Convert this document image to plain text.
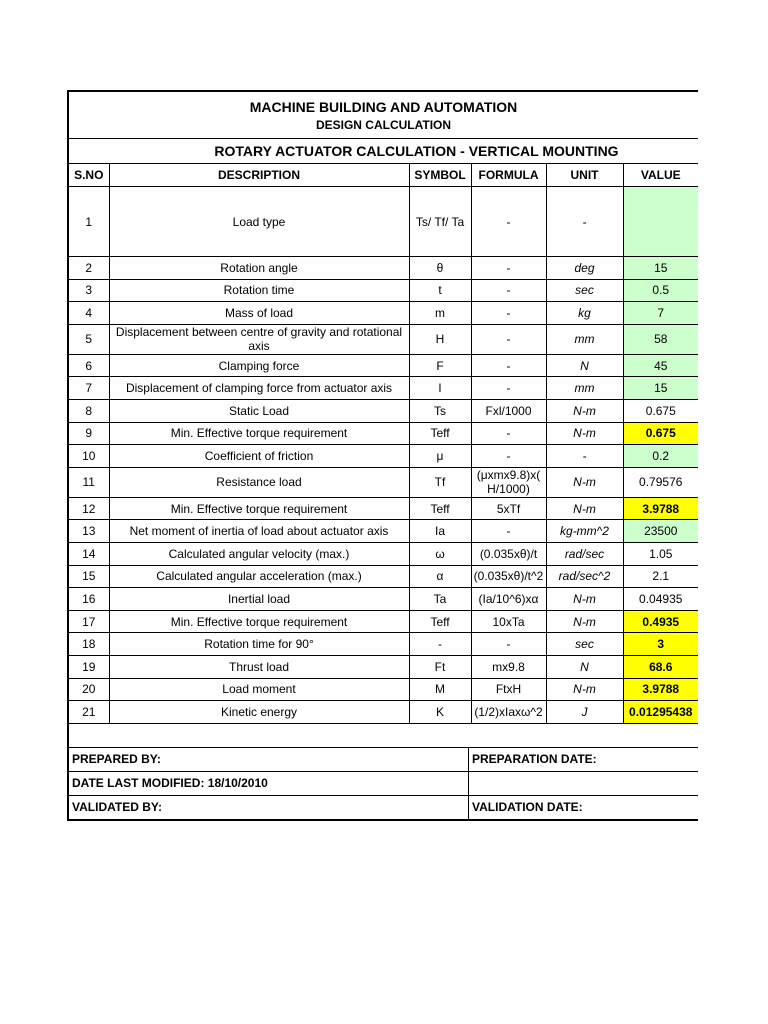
MACHINE BUILDING AND AUTOMATION
DESIGN CALCULATION
ROTARY ACTUATOR CALCULATION - VERTICAL MOUNTING
S.NO	DESCRIPTION	SYMBOL	FORMULA	UNIT	VALUE
1	Load type	Ts/ Tf/ Ta	-	-	
2	Rotation angle	θ	-	deg	15
3	Rotation time	t	-	sec	0.5
4	Mass of load	m	-	kg	7
5	Displacement between centre of gravity and rotational axis	H	-	mm	58
6	Clamping force	F	-	N	45
7	Displacement of clamping force from actuator axis	l	-	mm	15
8	Static Load	Ts	Fxl/1000	N-m	0.675
9	Min. Effective torque requirement	Teff	-	N-m	0.675
10	Coefficient of friction	μ	-	-	0.2
11	Resistance load	Tf	(μxmx9.8)x( H/1000)	N-m	0.79576
12	Min. Effective torque requirement	Teff	5xTf	N-m	3.9788
13	Net moment of inertia of load about actuator axis	Ia	-	kg-mm^2	23500
14	Calculated angular velocity (max.)	ω	(0.035xθ)/t	rad/sec	1.05
15	Calculated angular acceleration (max.)	α	(0.035xθ)/t^2	rad/sec^2	2.1
16	Inertial load	Ta	(Ia/10^6)xα	N-m	0.04935
17	Min. Effective torque requirement	Teff	10xTa	N-m	0.4935
18	Rotation time for 90°	-	-	sec	3
19	Thrust load	Ft	mx9.8	N	68.6
20	Load moment	M	FtxH	N-m	3.9788
21	Kinetic energy	K	(1/2)xIaxω^2	J	0.01295438
PREPARED BY:	PREPARATION DATE:
DATE LAST MODIFIED: 18/10/2010
VALIDATED BY:	VALIDATION DATE:
